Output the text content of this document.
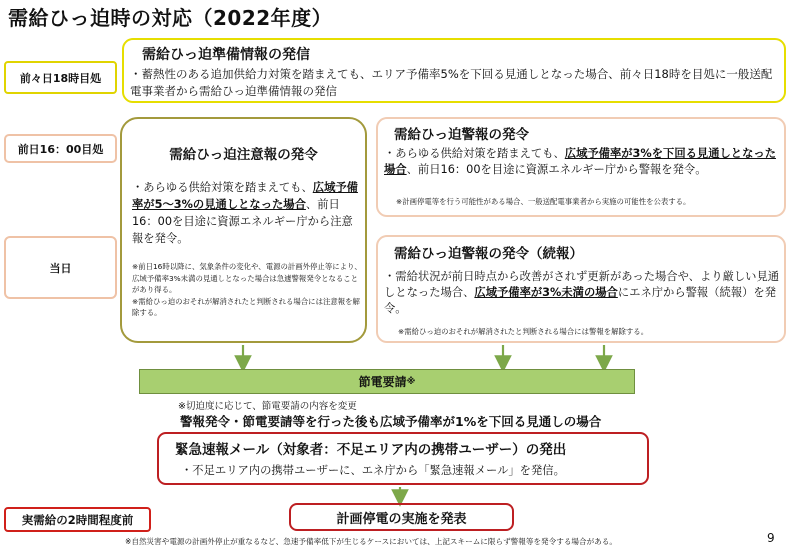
需給ひっ迫時の対応（2022年度）
前々日18時目処
前日16：00目処
当日
実需給の2時間程度前
需給ひっ迫準備情報の発信
・蓄熱性のある追加供給力対策を踏まえても、エリア予備率5%を下回る見通しとなった場合、前々日18時を目処に一般送配電事業者から需給ひっ迫準備情報の発信
需給ひっ迫注意報の発令
・あらゆる供給対策を踏まえても、広域予備率が5～3%の見通しとなった場合、前日16：00を目途に資源エネルギー庁から注意報を発令。
※前日16時以降に、気象条件の変化や、電源の計画外停止等により、広域予備率3%未満の見通しとなった場合は急遽警報発令となることがあり得る。
※需給ひっ迫のおそれが解消されたと判断される場合には注意報を解除する。
需給ひっ迫警報の発令
・あらゆる供給対策を踏まえても、広域予備率が3%を下回る見通しとなった場合、前日16：00を目途に資源エネルギー庁から警報を発令。
※計画停電等を行う可能性がある場合、一般送配電事業者から実施の可能性を公表する。
需給ひっ迫警報の発令（続報）
・需給状況が前日時点から改善がされず更新があった場合や、より厳しい見通しとなった場合、広域予備率が3%未満の場合にエネ庁から警報（続報）を発令。
※需給ひっ迫のおそれが解消されたと判断される場合には警報を解除する。
節電要請 ※
※切迫度に応じて、節電要請の内容を変更
警報発令・節電要請等を行った後も広域予備率が1%を下回る見通しの場合
緊急速報メール（対象者：不足エリア内の携帯ユーザー）の発出
・不足エリア内の携帯ユーザーに、エネ庁から「緊急速報メール」を発信。
計画停電の実施を発表
※自然災害や電源の計画外停止が重なるなど、急速予備率低下が生じるケースにおいては、上記スキームに限らず警報等を発令する場合がある。	9
